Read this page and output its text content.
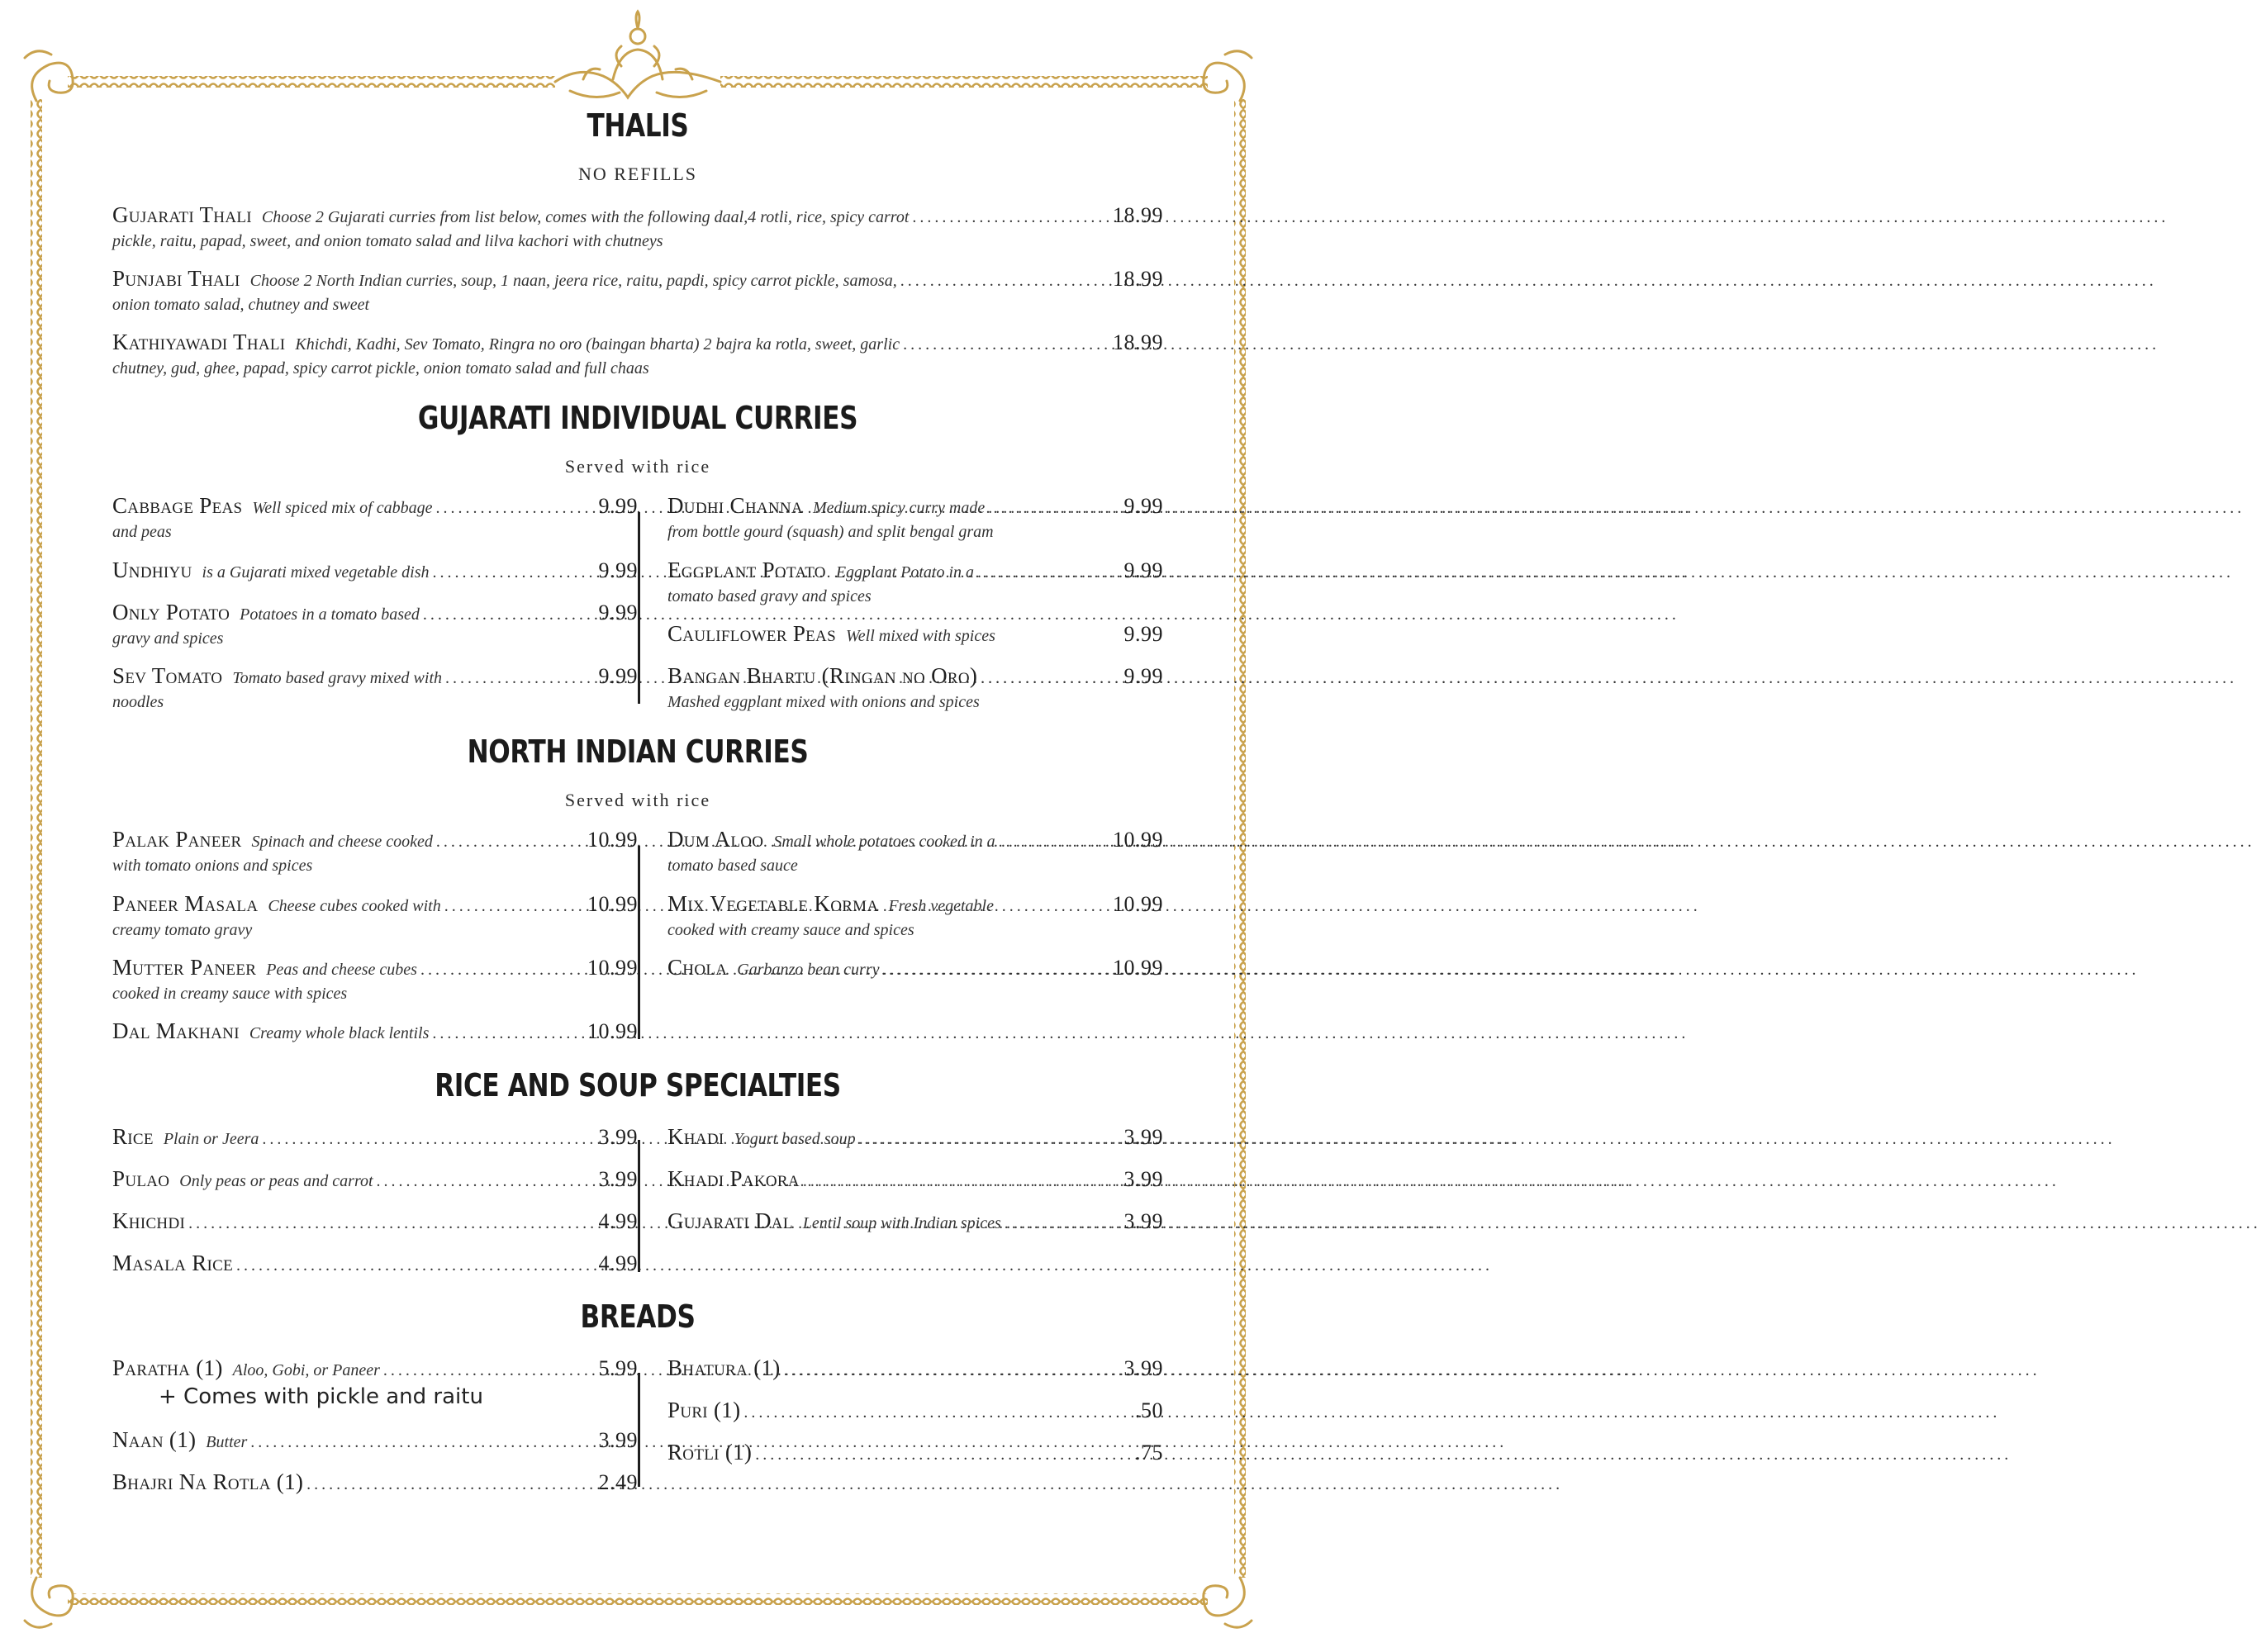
THALIS
NO REFILLS
Gujarati Thali Choose 2 Gujarati curries from list below, comes with the following daal,4 rotli, rice, spicy carrot .....	18.99
pickle, raitu, papad, sweet, and onion tomato salad and lilva kachori with chutneys
Punjabi Thali Choose 2 North Indian curries, soup, 1 naan, jeera rice, raitu, papdi, spicy carrot pickle, samosa, .....	18.99
onion tomato salad, chutney and sweet
Kathiyawadi Thali Khichdi, Kadhi, Sev Tomato, Ringra no oro (baingan bharta) 2 bajra ka rotla, sweet, garlic .....	18.99
chutney, gud, ghee, papad, spicy carrot pickle, onion tomato salad and full chaas
GUJARATI INDIVIDUAL CURRIES
Served with rice
Cabbage Peas Well spiced mix of cabbage .....	9.99
and peas
Undhiyu is a Gujarati mixed vegetable dish .....	9.99
Only Potato Potatoes in a tomato based .....	9.99
gravy and spices
Sev Tomato Tomato based gravy mixed with .....	9.99
noodles
Dudhi Channa Medium spicy curry made .....	9.99
from bottle gourd (squash) and split bengal gram
Eggplant Potato Eggplant Potato in a .....	9.99
tomato based gravy and spices
Cauliflower Peas Well mixed with spices	9.99
Bangan Bhartu (Ringan no Oro) .....	9.99
Mashed eggplant mixed with onions and spices
NORTH INDIAN CURRIES
Served with rice
Palak Paneer Spinach and cheese cooked .....	10.99
with tomato onions and spices
Paneer Masala Cheese cubes cooked with .....	10.99
creamy tomato gravy
Mutter Paneer Peas and cheese cubes .....	10.99
cooked in creamy sauce with spices
Dal Makhani Creamy whole black lentils .....	10.99
Dum Aloo Small whole potatoes cooked in a .....	10.99
tomato based sauce
Mix Vegetable Korma Fresh vegetable	10.99
cooked with creamy sauce and spices
Chola Garbanzo bean curry .....	10.99
RICE AND SOUP SPECIALTIES
Rice Plain or Jeera .....	3.99
Pulao Only peas or peas and carrot .....	3.99
Khichdi .....	4.99
Masala Rice .....	4.99
Khadi Yogurt based soup .....	3.99
Khadi Pakora .....	3.99
Gujarati Dal Lentil soup with Indian spices .....	3.99
BREADS
Paratha (1) Aloo, Gobi, or Paneer .....	5.99
+ Comes with pickle and raitu
Naan (1) Butter .....	3.99
Bhajri Na Rotla (1) .....	2.49
Bhatura (1) .....	3.99
Puri (1) .....	.50
Rotli (1) .....	.75
